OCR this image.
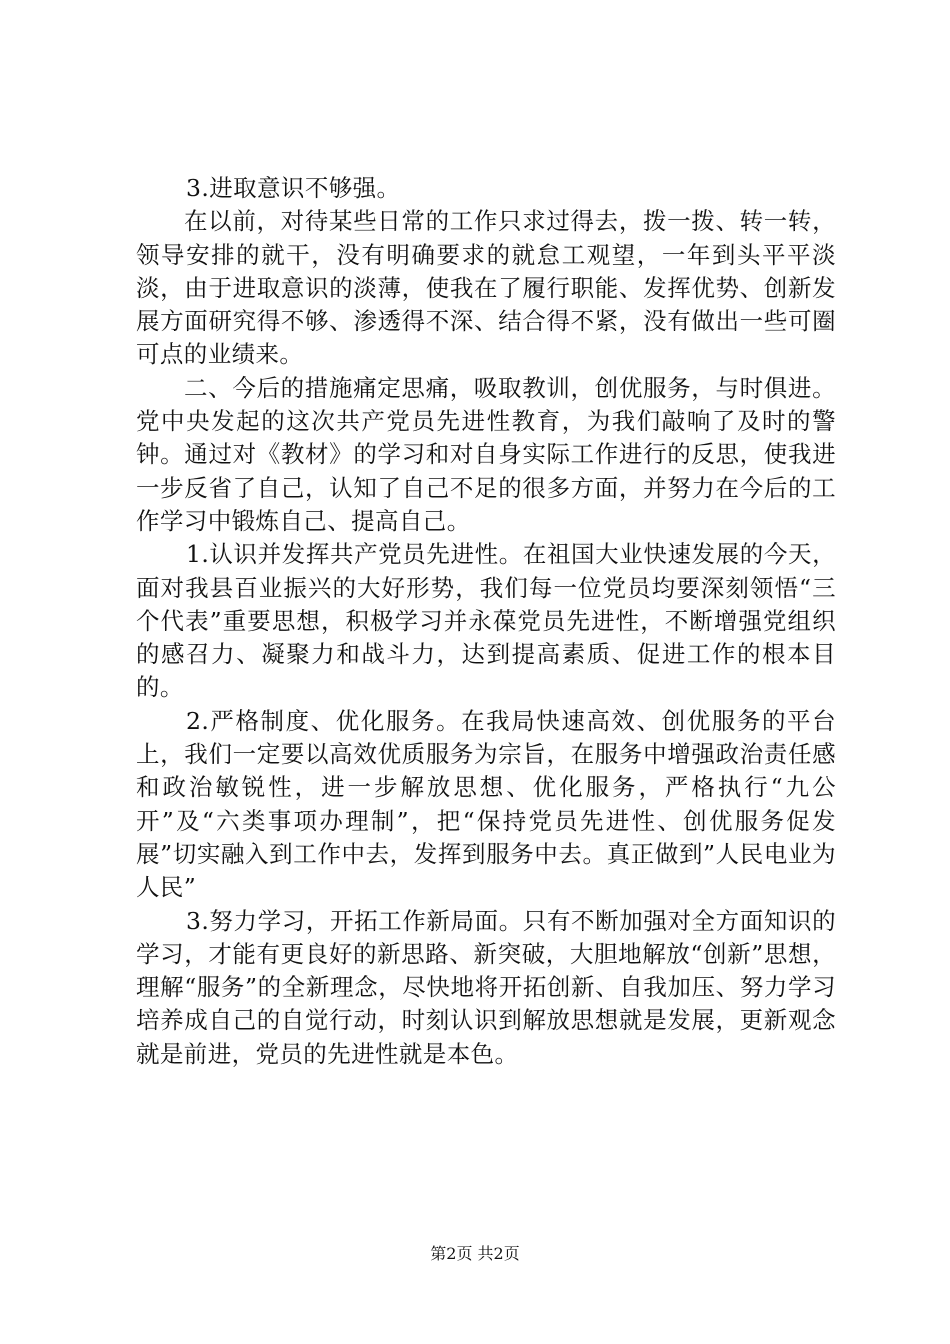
3.进取意识不够强。

在以前，对待某些日常的工作只求过得去，拨一拨、转一转，领导安排的就干，没有明确要求的就怠工观望，一年到头平平淡淡，由于进取意识的淡薄，使我在了履行职能、发挥优势、创新发展方面研究得不够、渗透得不深、结合得不紧，没有做出一些可圈可点的业绩来。

二、今后的措施痛定思痛，吸取教训，创优服务，与时俱进。党中央发起的这次共产党员先进性教育，为我们敲响了及时的警钟。通过对《教材》的学习和对自身实际工作进行的反思，使我进一步反省了自己，认知了自己不足的很多方面，并努力在今后的工作学习中锻炼自己、提高自己。

1.认识并发挥共产党员先进性。在祖国大业快速发展的今天，面对我县百业振兴的大好形势，我们每一位党员均要深刻领悟“三个代表”重要思想，积极学习并永葆党员先进性，不断增强党组织的感召力、凝聚力和战斗力，达到提高素质、促进工作的根本目的。

2.严格制度、优化服务。在我局快速高效、创优服务的平台上，我们一定要以高效优质服务为宗旨，在服务中增强政治责任感和政治敏锐性，进一步解放思想、优化服务，严格执行“九公开”及“六类事项办理制”，把“保持党员先进性、创优服务促发展”切实融入到工作中去，发挥到服务中去。真正做到”人民电业为人民”

3.努力学习，开拓工作新局面。只有不断加强对全方面知识的学习，才能有更良好的新思路、新突破，大胆地解放“创新”思想，理解“服务”的全新理念，尽快地将开拓创新、自我加压、努力学习培养成自己的自觉行动，时刻认识到解放思想就是发展，更新观念就是前进，党员的先进性就是本色。

第2页 共2页
